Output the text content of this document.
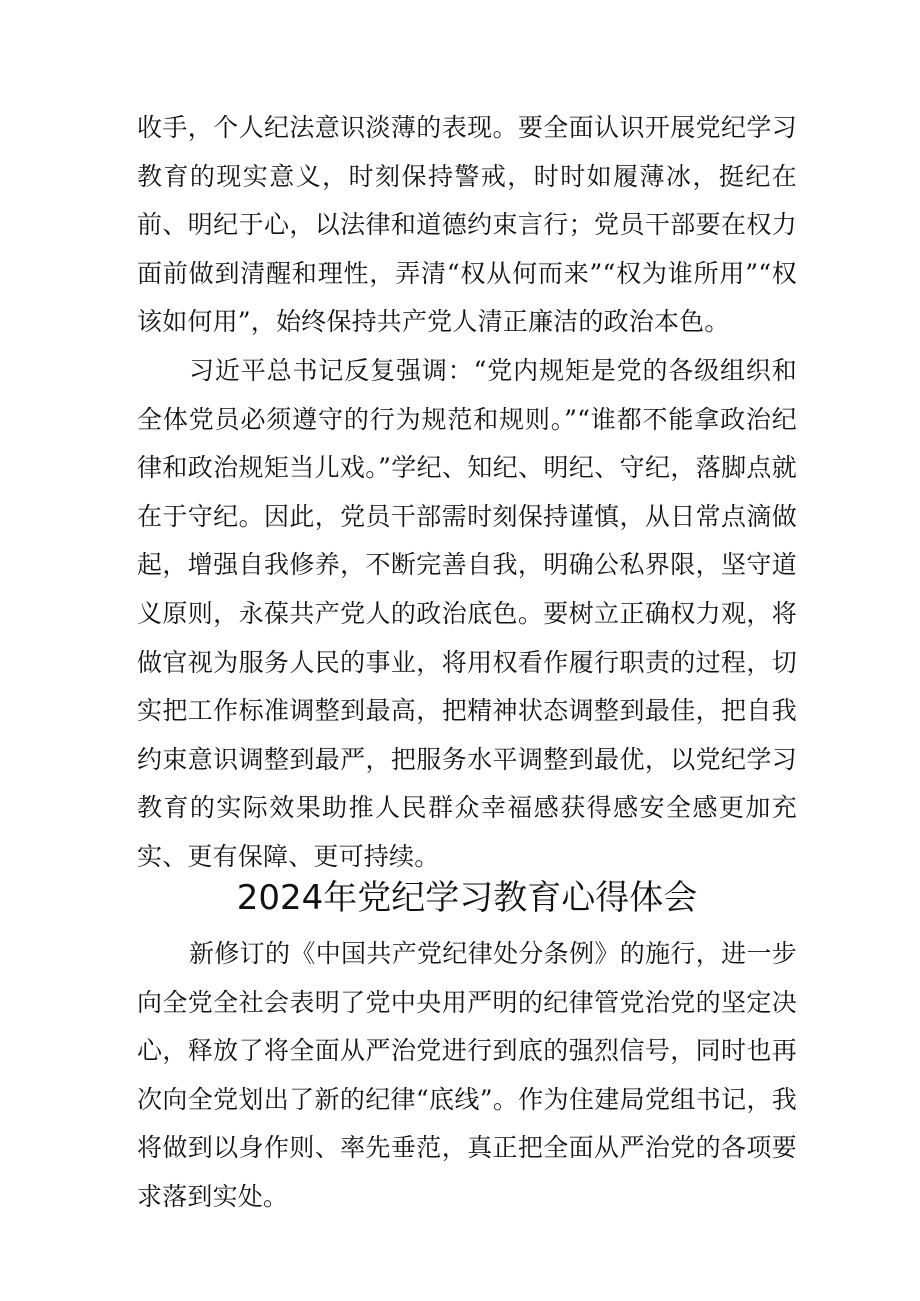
收手，个人纪法意识淡薄的表现。要全面认识开展党纪学习教育的现实意义，时刻保持警戒，时时如履薄冰，挺纪在前、明纪于心，以法律和道德约束言行；党员干部要在权力面前做到清醒和理性，弄清“权从何而来”“权为谁所用”“权该如何用”，始终保持共产党人清正廉洁的政治本色。

习近平总书记反复强调：“党内规矩是党的各级组织和全体党员必须遵守的行为规范和规则。”“谁都不能拿政治纪律和政治规矩当儿戏。”学纪、知纪、明纪、守纪，落脚点就在于守纪。因此，党员干部需时刻保持谨慎，从日常点滴做起，增强自我修养，不断完善自我，明确公私界限，坚守道义原则，永葆共产党人的政治底色。要树立正确权力观，将做官视为服务人民的事业，将用权看作履行职责的过程，切实把工作标准调整到最高，把精神状态调整到最佳，把自我约束意识调整到最严，把服务水平调整到最优，以党纪学习教育的实际效果助推人民群众幸福感获得感安全感更加充实、更有保障、更可持续。

2024年党纪学习教育心得体会

新修订的《中国共产党纪律处分条例》的施行，进一步向全党全社会表明了党中央用严明的纪律管党治党的坚定决心，释放了将全面从严治党进行到底的强烈信号，同时也再次向全党划出了新的纪律“底线”。作为住建局党组书记，我将做到以身作则、率先垂范，真正把全面从严治党的各项要求落到实处。
